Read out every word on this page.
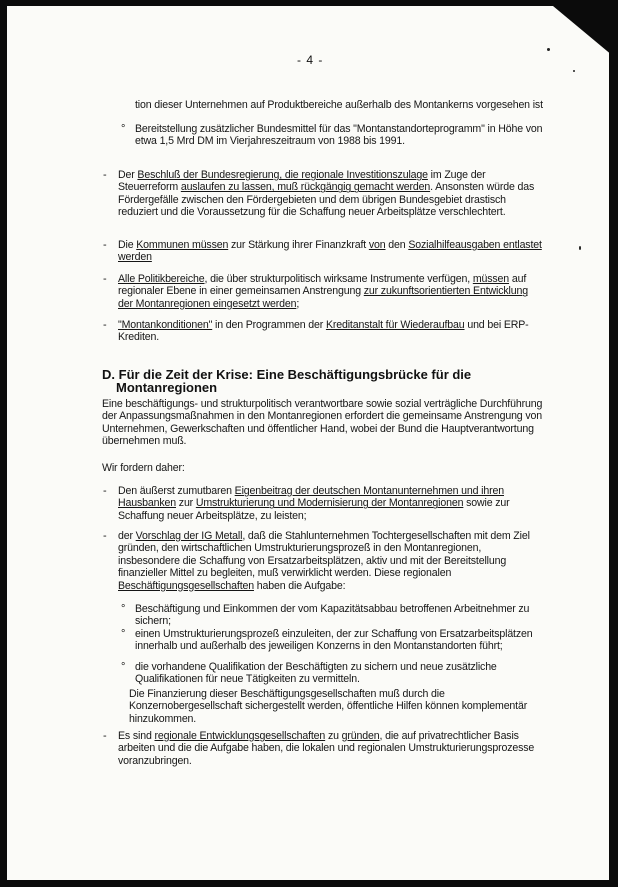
- 4 -
tion dieser Unternehmen auf Produktbereiche außerhalb des Montankerns vorgesehen ist
° Bereitstellung zusätzlicher Bundesmittel für das "Montanstandorteprogramm" in Höhe von etwa 1,5 Mrd DM im Vierjahreszeitraum von 1988 bis 1991.
- Der Beschluß der Bundesregierung, die regionale Investitionszulage im Zuge der Steuerreform auslaufen zu lassen, muß rückgängig gemacht werden. Ansonsten würde das Fördergefälle zwischen den Fördergebieten und dem übrigen Bundesgebiet drastisch reduziert und die Voraussetzung für die Schaffung neuer Arbeitsplätze verschlechtert.
- Die Kommunen müssen zur Stärkung ihrer Finanzkraft von den Sozialhilfeausgaben entlastet werden
- Alle Politikbereiche, die über strukturpolitisch wirksame Instrumente verfügen, müssen auf regionaler Ebene in einer gemeinsamen Anstrengung zur zukunftsorientierten Entwicklung der Montanregionen eingesetzt werden;
- "Montankonditionen" in den Programmen der Kreditanstalt für Wiederaufbau und bei ERP-Krediten.
D. Für die Zeit der Krise: Eine Beschäftigungsbrücke für die
Montanregionen
Eine beschäftigungs- und strukturpolitisch verantwortbare sowie sozial verträgliche Durchführung der Anpassungsmaßnahmen in den Montanregionen erfordert die gemeinsame Anstrengung von Unternehmen, Gewerkschaften und öffentlicher Hand, wobei der Bund die Hauptverantwortung übernehmen muß.
Wir fordern daher:
- Den äußerst zumutbaren Eigenbeitrag der deutschen Montanunternehmen und ihren Hausbanken zur Umstrukturierung und Modernisierung der Montanregionen sowie zur Schaffung neuer Arbeitsplätze, zu leisten;
- der Vorschlag der IG Metall, daß die Stahlunternehmen Tochtergesellschaften mit dem Ziel gründen, den wirtschaftlichen Umstrukturierungsprozeß in den Montanregionen, insbesondere die Schaffung von Ersatzarbeitsplätzen, aktiv und mit der Bereitstellung finanzieller Mittel zu begleiten, muß verwirklicht werden. Diese regionalen Beschäftigungsgesellschaften haben die Aufgabe:
° Beschäftigung und Einkommen der vom Kapazitätsabbau betroffenen Arbeitnehmer zu sichern;
° einen Umstrukturierungsprozeß einzuleiten, der zur Schaffung von Ersatzarbeitsplätzen innerhalb und außerhalb des jeweiligen Konzerns in den Montanstandorten führt;
° die vorhandene Qualifikation der Beschäftigten zu sichern und neue zusätzliche Qualifikationen für neue Tätigkeiten zu vermitteln.
Die Finanzierung dieser Beschäftigungsgesellschaften muß durch die Konzernobergesellschaft sichergestellt werden, öffentliche Hilfen können komplementär hinzukommen.
- Es sind regionale Entwicklungsgesellschaften zu gründen, die auf privatrechtlicher Basis arbeiten und die die Aufgabe haben, die lokalen und regionalen Umstrukturierungsprozesse voranzubringen.
